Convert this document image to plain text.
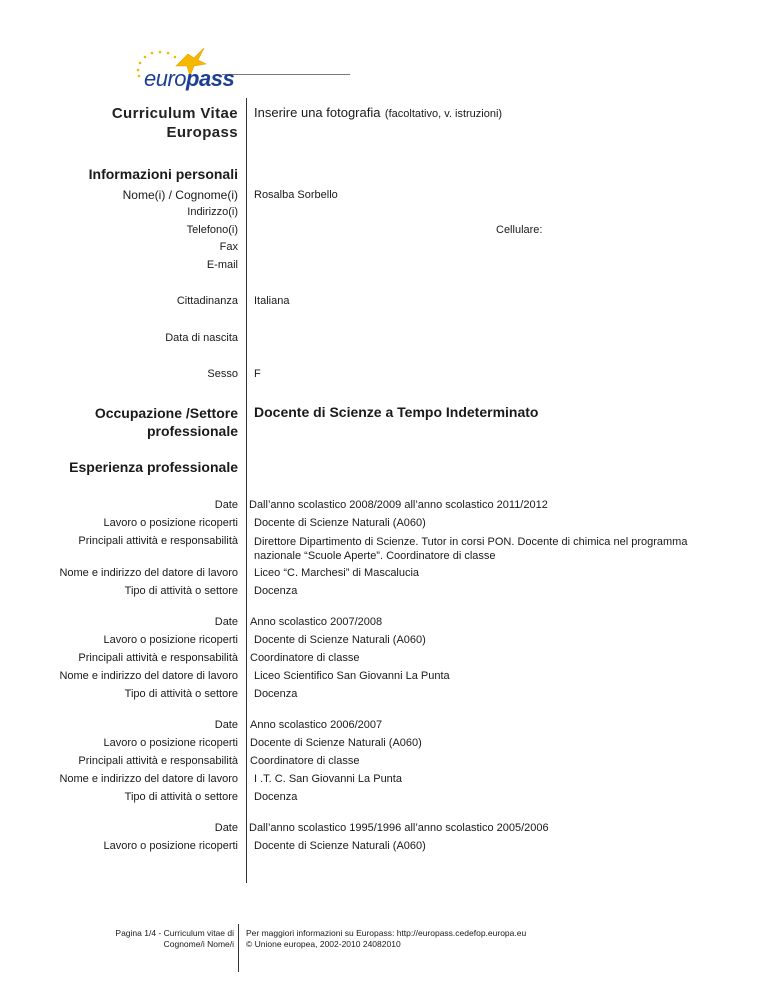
europass
Curriculum Vitae
Europass
Inserire una fotografia (facoltativo, v. istruzioni)
Informazioni personali
Nome(i) / Cognome(i) Rosalba Sorbello
Indirizzo(i)
Telefono(i)	Cellulare:
Fax
E-mail
Cittadinanza Italiana
Data di nascita
Sesso F
Occupazione /Settore
professionale
Docente di Scienze a Tempo Indeterminato
Esperienza professionale
Date Dall’anno scolastico 2008/2009 all’anno scolastico 2011/2012
Lavoro o posizione ricoperti Docente di Scienze Naturali (A060)
Principali attività e responsabilità Direttore Dipartimento di Scienze. Tutor in corsi PON. Docente di chimica nel programma nazionale “Scuole Aperte”. Coordinatore di classe
Nome e indirizzo del datore di lavoro Liceo “C. Marchesi” di Mascalucia
Tipo di attività o settore Docenza
Date Anno scolastico 2007/2008
Lavoro o posizione ricoperti Docente di Scienze Naturali (A060)
Principali attività e responsabilità Coordinatore di classe
Nome e indirizzo del datore di lavoro Liceo Scientifico San Giovanni La Punta
Tipo di attività o settore Docenza
Date Anno scolastico 2006/2007
Lavoro o posizione ricoperti Docente di Scienze Naturali (A060)
Principali attività e responsabilità Coordinatore di classe
Nome e indirizzo del datore di lavoro I .T. C. San Giovanni La Punta
Tipo di attività o settore Docenza
Date Dall’anno scolastico 1995/1996 all’anno scolastico 2005/2006
Lavoro o posizione ricoperti Docente di Scienze Naturali (A060)
Pagina 1/4 - Curriculum vitae di
Cognome/i Nome/i
Per maggiori informazioni su Europass: http://europass.cedefop.europa.eu
© Unione europea, 2002-2010 24082010
